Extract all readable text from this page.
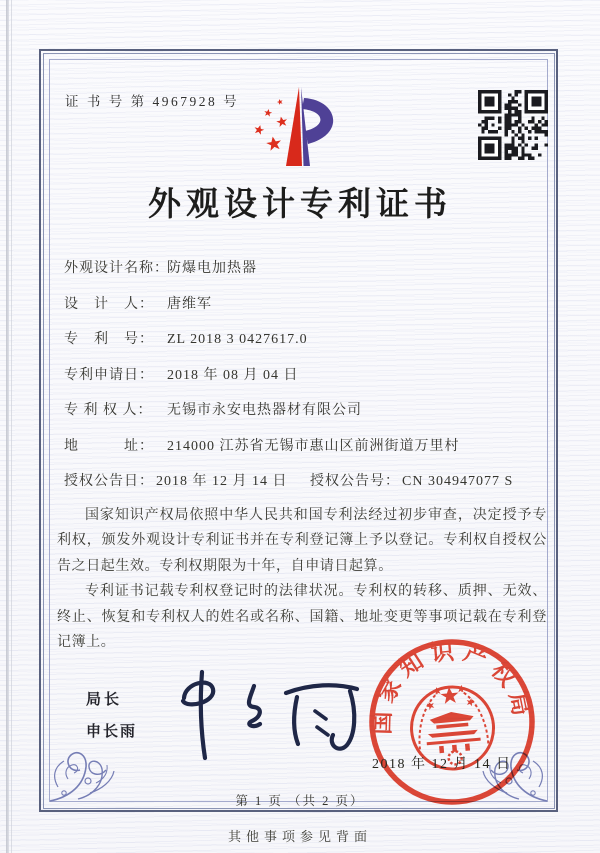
证 书 号 第 4967928 号
外观设计专利证书
外观设计名称：防爆电加热器
设　计　人： 唐维军
专　利　号： ZL 2018 3 0427617.0
专利申请日： 2018 年 08 月 04 日
专 利 权 人： 无锡市永安电热器材有限公司
地　　　址： 214000 江苏省无锡市惠山区前洲街道万里村
授权公告日： 2018 年 12 月 14 日 授权公告号： CN 304947077 S

国家知识产权局依照中华人民共和国专利法经过初步审查，决定授予专利权，颁发外观设计专利证书并在专利登记簿上予以登记。专利权自授权公告之日起生效。专利权期限为十年，自申请日起算。

专利证书记载专利权登记时的法律状况。专利权的转移、质押、无效、终止、恢复和专利权人的姓名或名称、国籍、地址变更等事项记载在专利登记簿上。

局长
申长雨	国家知识产权局
2018 年 12 月 14 日
第 1 页 （共 2 页）
其他事项参见背面
